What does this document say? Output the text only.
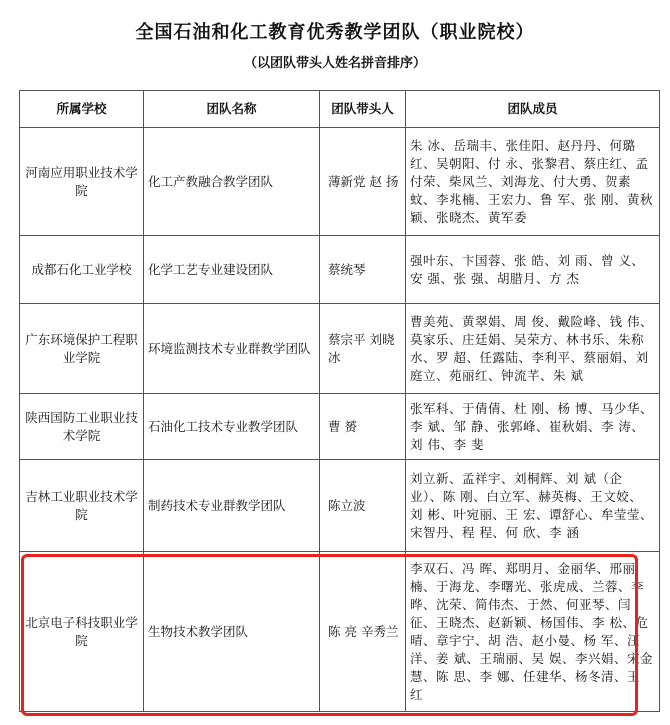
全国石油和化工教育优秀教学团队（职业院校）
（以团队带头人姓名拼音排序）
所属学校	团队名称	团队带头人	团队成员
河南应用职业技术学院	化工产教融合教学团队	薄新党 赵 扬	朱 冰、岳瑞丰、张佳阳、赵丹丹、何璐红、吴朝阳、付 永、张黎君、蔡庄红、孟付荣、柴凤兰、刘海龙、付大勇、贺素蚊、李兆楠、王宏力、鲁 军、张 刚、黄秋颖、张晓杰、黄军委
成都石化工业学校	化学工艺专业建设团队	蔡统琴	强叶东、卞国蓉、张 皓、刘 雨、曾 义、安 强、张 强、胡腊月、方 杰
广东环境保护工程职业学院	环境监测技术专业群教学团队	蔡宗平 刘晓冰	曹美苑、黄翠娟、周 俊、戴险峰、钱 伟、莫家乐、庄廷娟、吴荣方、林书乐、朱称水、罗 超、任露陆、李利平、蔡丽娟、刘庭立、苑丽红、钟流芊、朱 斌
陕西国防工业职业技术学院	石油化工技术专业教学团队	曹 赟	张军科、于倩倩、杜 刚、杨 博、马少华、李 斌、邹 静、张郭峰、崔秋娟、李 涛、刘 伟、李 斐
吉林工业职业技术学院	制药技术专业群教学团队	陈立波	刘立新、孟祥宇、刘桐辉、刘 斌（企业）、陈 刚、白立军、赫英梅、王文姣、刘 彬、叶宛丽、王 宏、谭舒心、牟莹莹、宋智丹、程 程、何 欣、李 涵
北京电子科技职业学院	生物技术教学团队	陈 亮 辛秀兰	李双石、冯 晖、郑明月、金丽华、邢丽楠、于海龙、李曙光、张虎成、兰蓉、李晔、沈荣、简伟杰、于然、何亚琴、闫 征、王晓杰、赵新颖、杨国伟、李 松、危 晴、章宇宁、胡 浩、赵小曼、杨 军、汪 洋、姜 斌、王瑞丽、吴 娱、李兴娟、宋金慧、陈 思、李 娜、任建华、杨冬清、王 红
